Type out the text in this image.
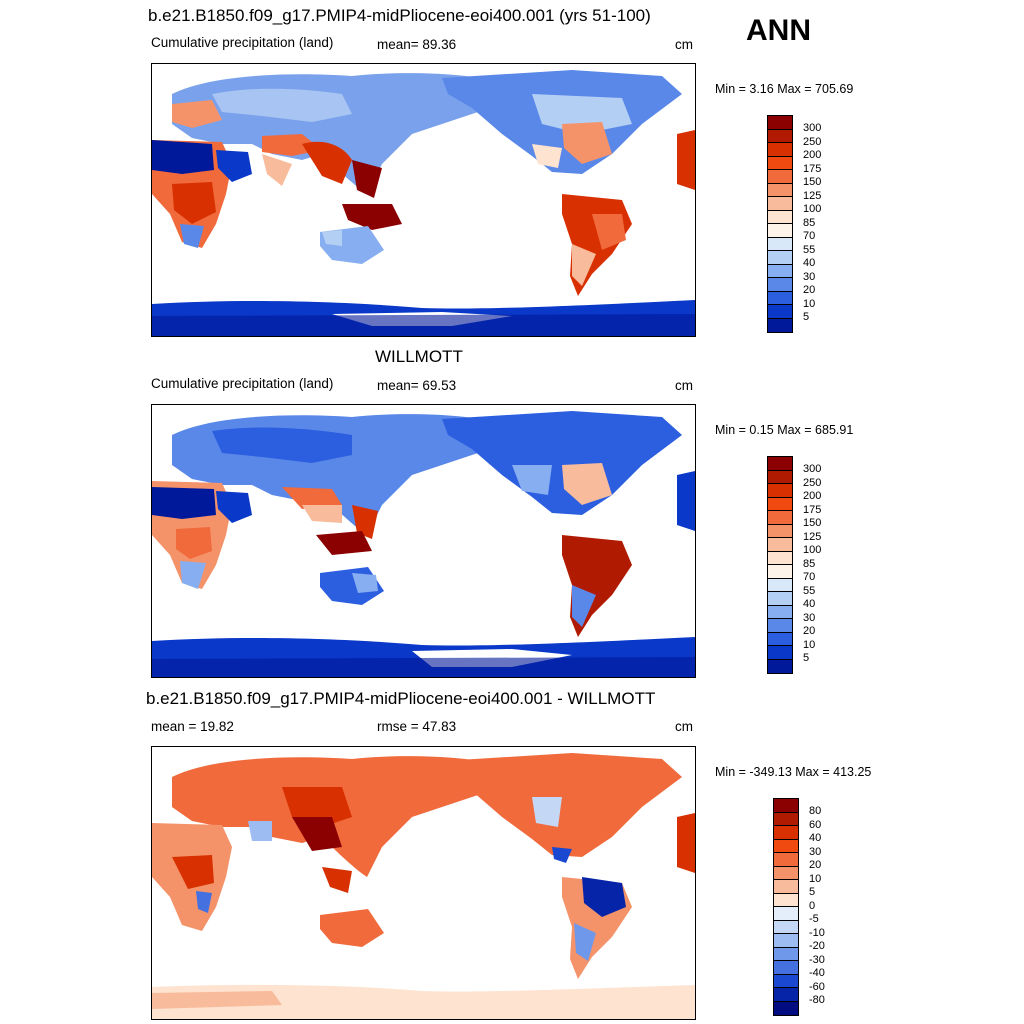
ANN
b.e21.B1850.f09_g17.PMIP4-midPliocene-eoi400.001 (yrs 51-100)
Cumulative precipitation (land)	mean= 89.36	cm
Min = 3.16 Max = 705.69
300
250
200
175
150
125
100
85
70
55
40
30
20
10
5
WILLMOTT
Cumulative precipitation (land)	mean= 69.53	cm
Min = 0.15 Max = 685.91
300
250
200
175
150
125
100
85
70
55
40
30
20
10
5
b.e21.B1850.f09_g17.PMIP4-midPliocene-eoi400.001 - WILLMOTT
mean = 19.82	rmse = 47.83	cm
Min = -349.13 Max = 413.25
80
60
40
30
20
10
5
0
-5
-10
-20
-30
-40
-60
-80
